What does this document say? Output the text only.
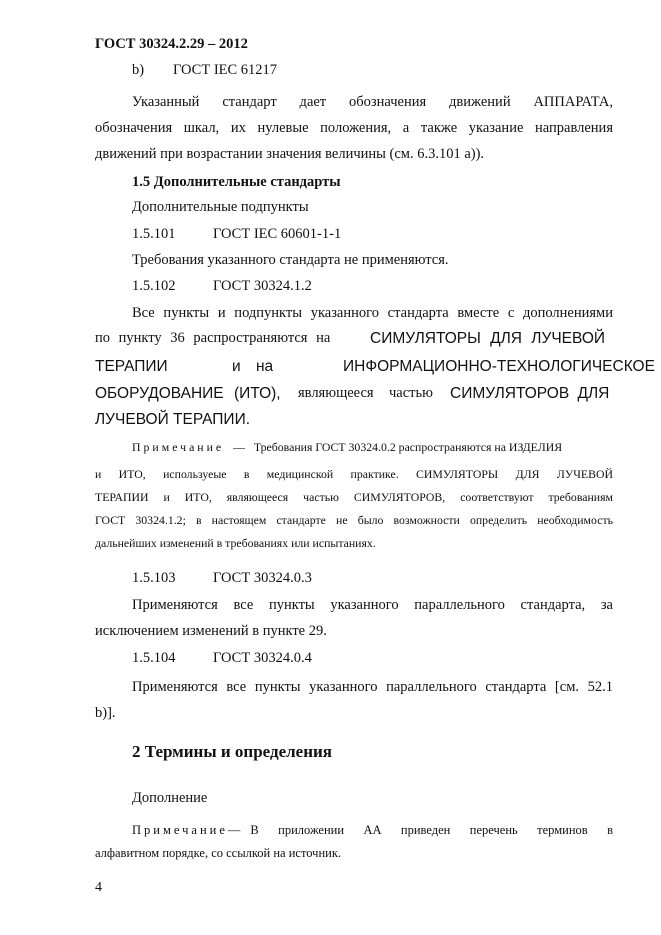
ГОСТ 30324.2.29 – 2012
b) ГОСТ IEC 61217
Указанный стандарт дает обозначения движений АППАРАТА,
обозначения шкал, их нулевые положения, а также указание направления
движений при возрастании значения величины (см. 6.3.101 а)).
1.5 Дополнительные стандарты
Дополнительные подпункты
1.5.101	ГОСТ IEC 60601-1-1
Требования указанного стандарта не применяются.
1.5.102	ГОСТ 30324.1.2
Все пункты и подпункты указанного стандарта вместе с дополнениями
по пункту 36 распространяются на	СИМУЛЯТОРЫ ДЛЯ ЛУЧЕВОЙ
ТЕРАПИИ	и на	ИНФОРМАЦИОННО-ТЕХНОЛОГИЧЕСКОЕ
ОБОРУДОВАНИЕ (ИТО), являющееся частью СИМУЛЯТОРОВ ДЛЯ
ЛУЧЕВОЙ ТЕРАПИИ.
Примечание — Требования ГОСТ 30324.0.2 распространяются на ИЗДЕЛИЯ
и ИТО, используеые в медицинской практике. СИМУЛЯТОРЫ ДЛЯ ЛУЧЕВОЙ
ТЕРАПИИ и ИТО, являющееся частью СИМУЛЯТОРОВ, соответствуют требованиям
ГОСТ 30324.1.2; в настоящем стандарте не было возможности определить необходимость
дальнейших изменений в требованиях или испытаниях.
1.5.103	ГОСТ 30324.0.3
Применяются все пункты указанного параллельного стандарта, за
исключением изменений в пункте 29.
1.5.104	ГОСТ 30324.0.4
Применяются все пункты указанного параллельного стандарта [см. 52.1
b)].
2 Термины и определения
Дополнение
Примечание — В приложении АА приведен перечень терминов в
алфавитном порядке, со ссылкой на источник.
4
